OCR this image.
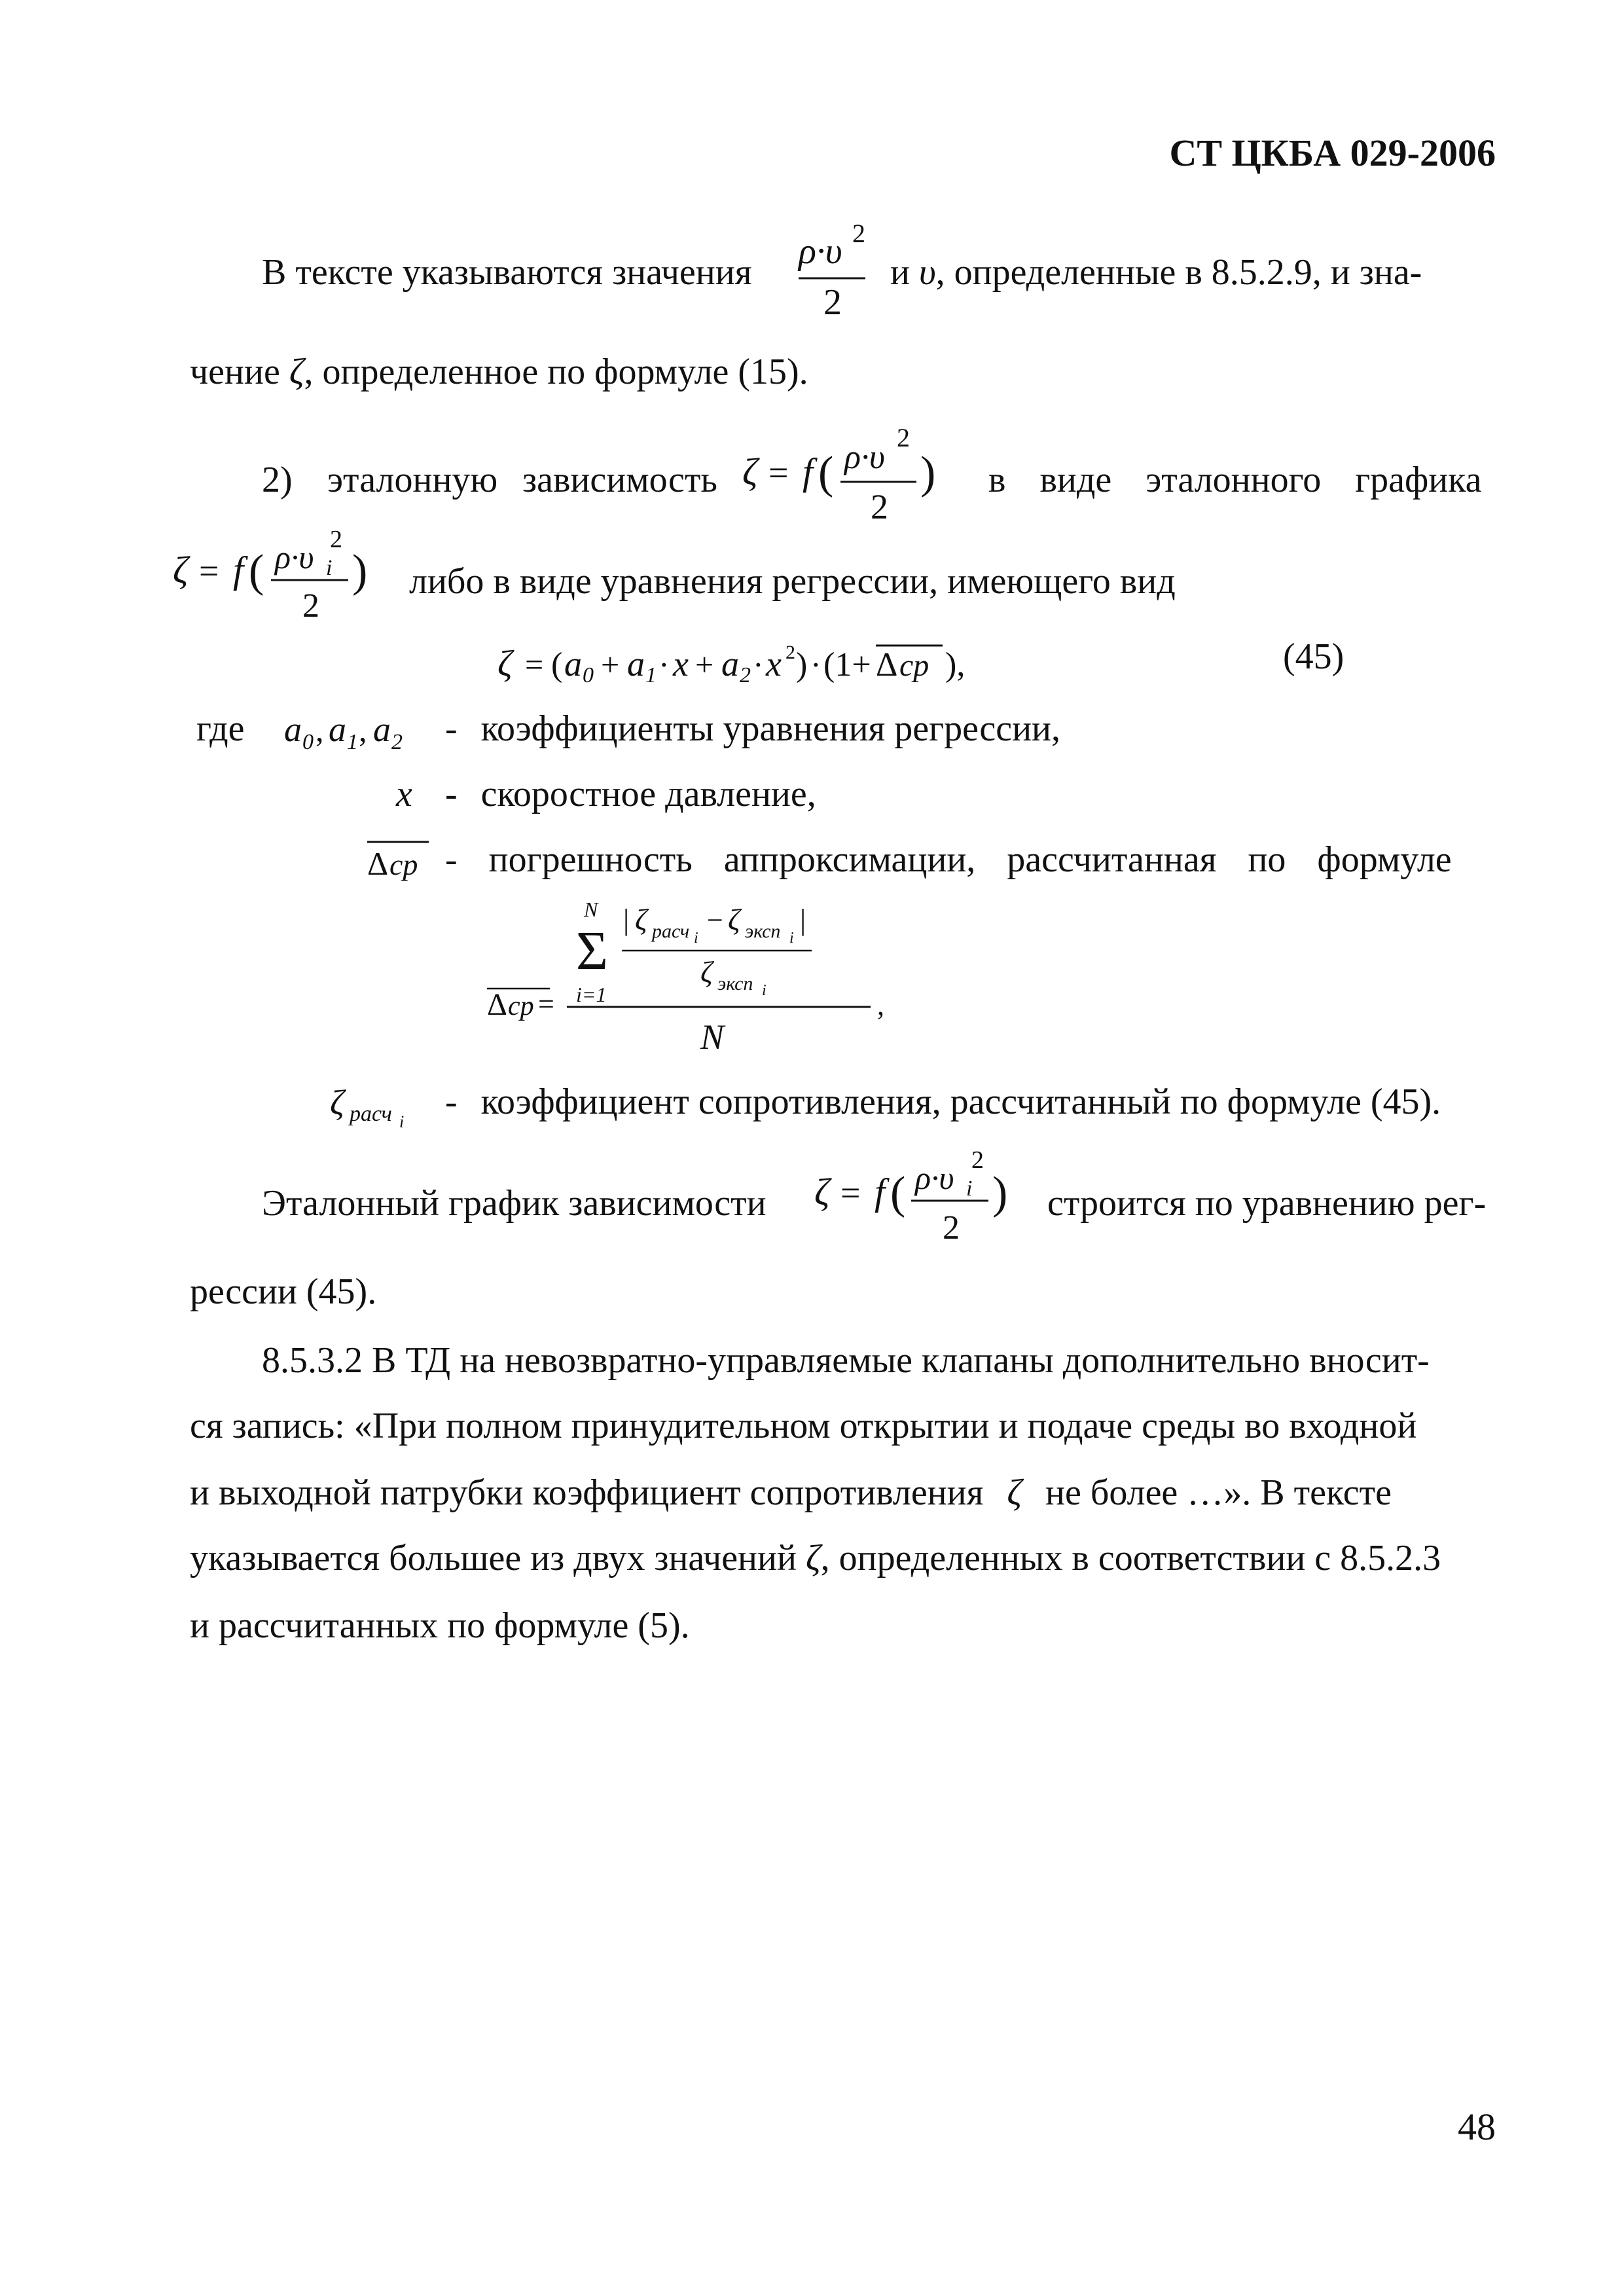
СТ ЦКБА 029-2006
В тексте указываются значения
ρ·υ 2
2
и υ, определенные в 8.5.2.9, и зна-
чение ζ, определенное по формуле (15).
2) эталонную зависимость ζ = f ( ρ·υ
2
2
) в виде эталонного графика
ζ = f ( ρ·υ i
2
2
) либо в виде уравнения регрессии, имеющего вид
ζ = ( a 0 + a 1 · x + a 2 · x 2 ) · (1+ Δ cp ),	(45)
где a 0 , a 1 , a 2 - коэффициенты уравнения регрессии,
x - скоростное давление,
Δ cp - погрешность аппроксимации, рассчитанная по формуле
Δ cp =
N
Σ
i=1
| ζ расч i
− ζ эксп i
|
ζ эксп i
N
,
ζ расч i - коэффициент сопротивления, рассчитанный по формуле (45).
Эталонный график зависимости ζ = f ( ρ·υ i
2
2
) строится по уравнению рег-
рессии (45).
8.5.3.2 В ТД на невозвратно-управляемые клапаны дополнительно вносит-
ся запись: «При полном принудительном открытии и подаче среды во входной
и выходной патрубки коэффициент сопротивления ζ не более …». В тексте
указывается большее из двух значений ζ, определенных в соответствии с 8.5.2.3
и рассчитанных по формуле (5).
48
